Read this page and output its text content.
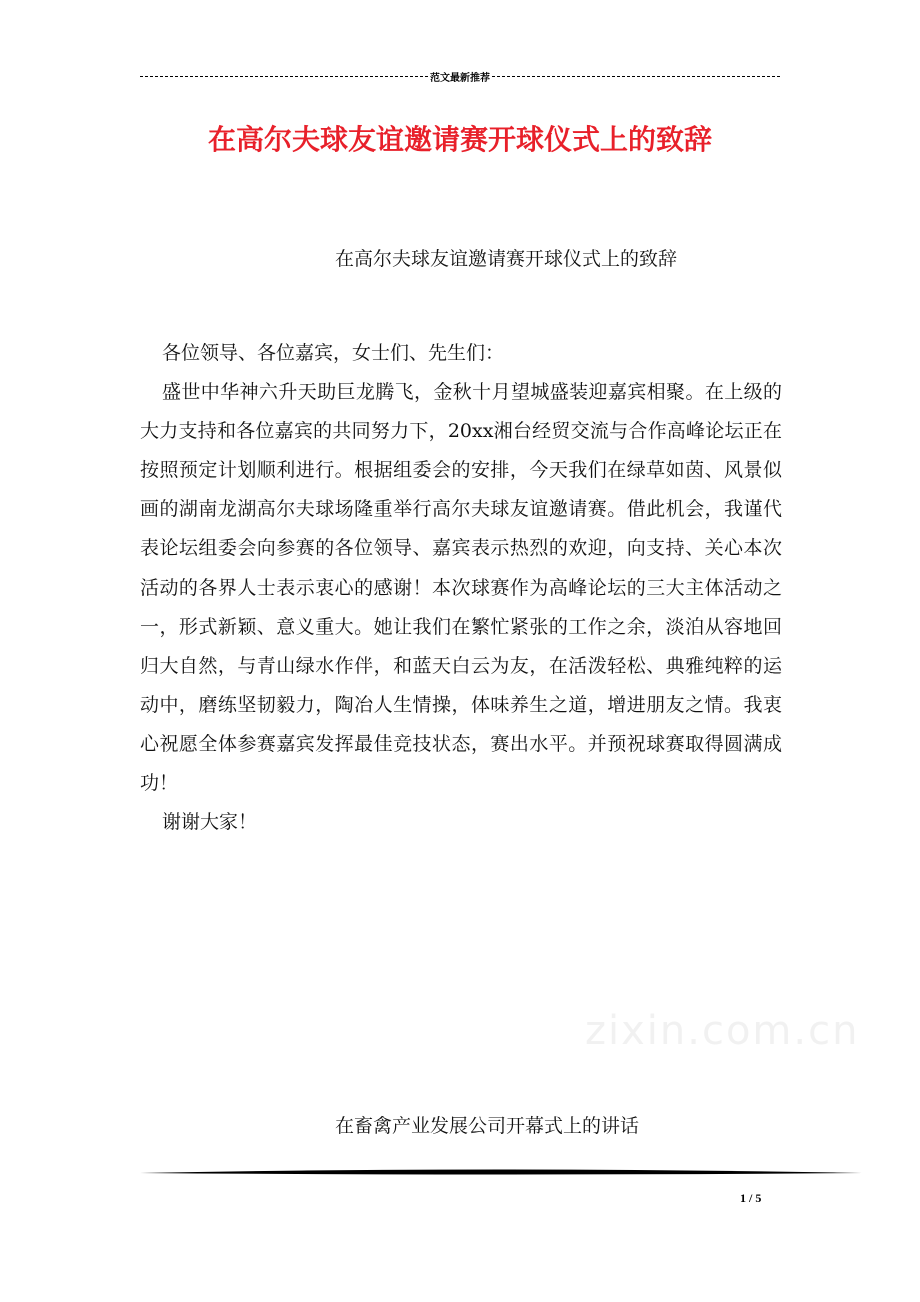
范文最新推荐
在高尔夫球友谊邀请赛开球仪式上的致辞
在高尔夫球友谊邀请赛开球仪式上的致辞

各位领导、各位嘉宾，女士们、先生们：

盛世中华神六升天助巨龙腾飞，金秋十月望城盛装迎嘉宾相聚。在上级的大力支持和各位嘉宾的共同努力下，20xx湘台经贸交流与合作高峰论坛正在按照预定计划顺利进行。根据组委会的安排，今天我们在绿草如茵、风景似画的湖南龙湖高尔夫球场隆重举行高尔夫球友谊邀请赛。借此机会，我谨代表论坛组委会向参赛的各位领导、嘉宾表示热烈的欢迎，向支持、关心本次活动的各界人士表示衷心的感谢！本次球赛作为高峰论坛的三大主体活动之一，形式新颖、意义重大。她让我们在繁忙紧张的工作之余，淡泊从容地回归大自然，与青山绿水作伴，和蓝天白云为友，在活泼轻松、典雅纯粹的运动中，磨练坚韧毅力，陶冶人生情操，体味养生之道，增进朋友之情。我衷心祝愿全体参赛嘉宾发挥最佳竞技状态，赛出水平。并预祝球赛取得圆满成功！

谢谢大家！

zixin.com.cn
在畜禽产业发展公司开幕式上的讲话
1 / 5
